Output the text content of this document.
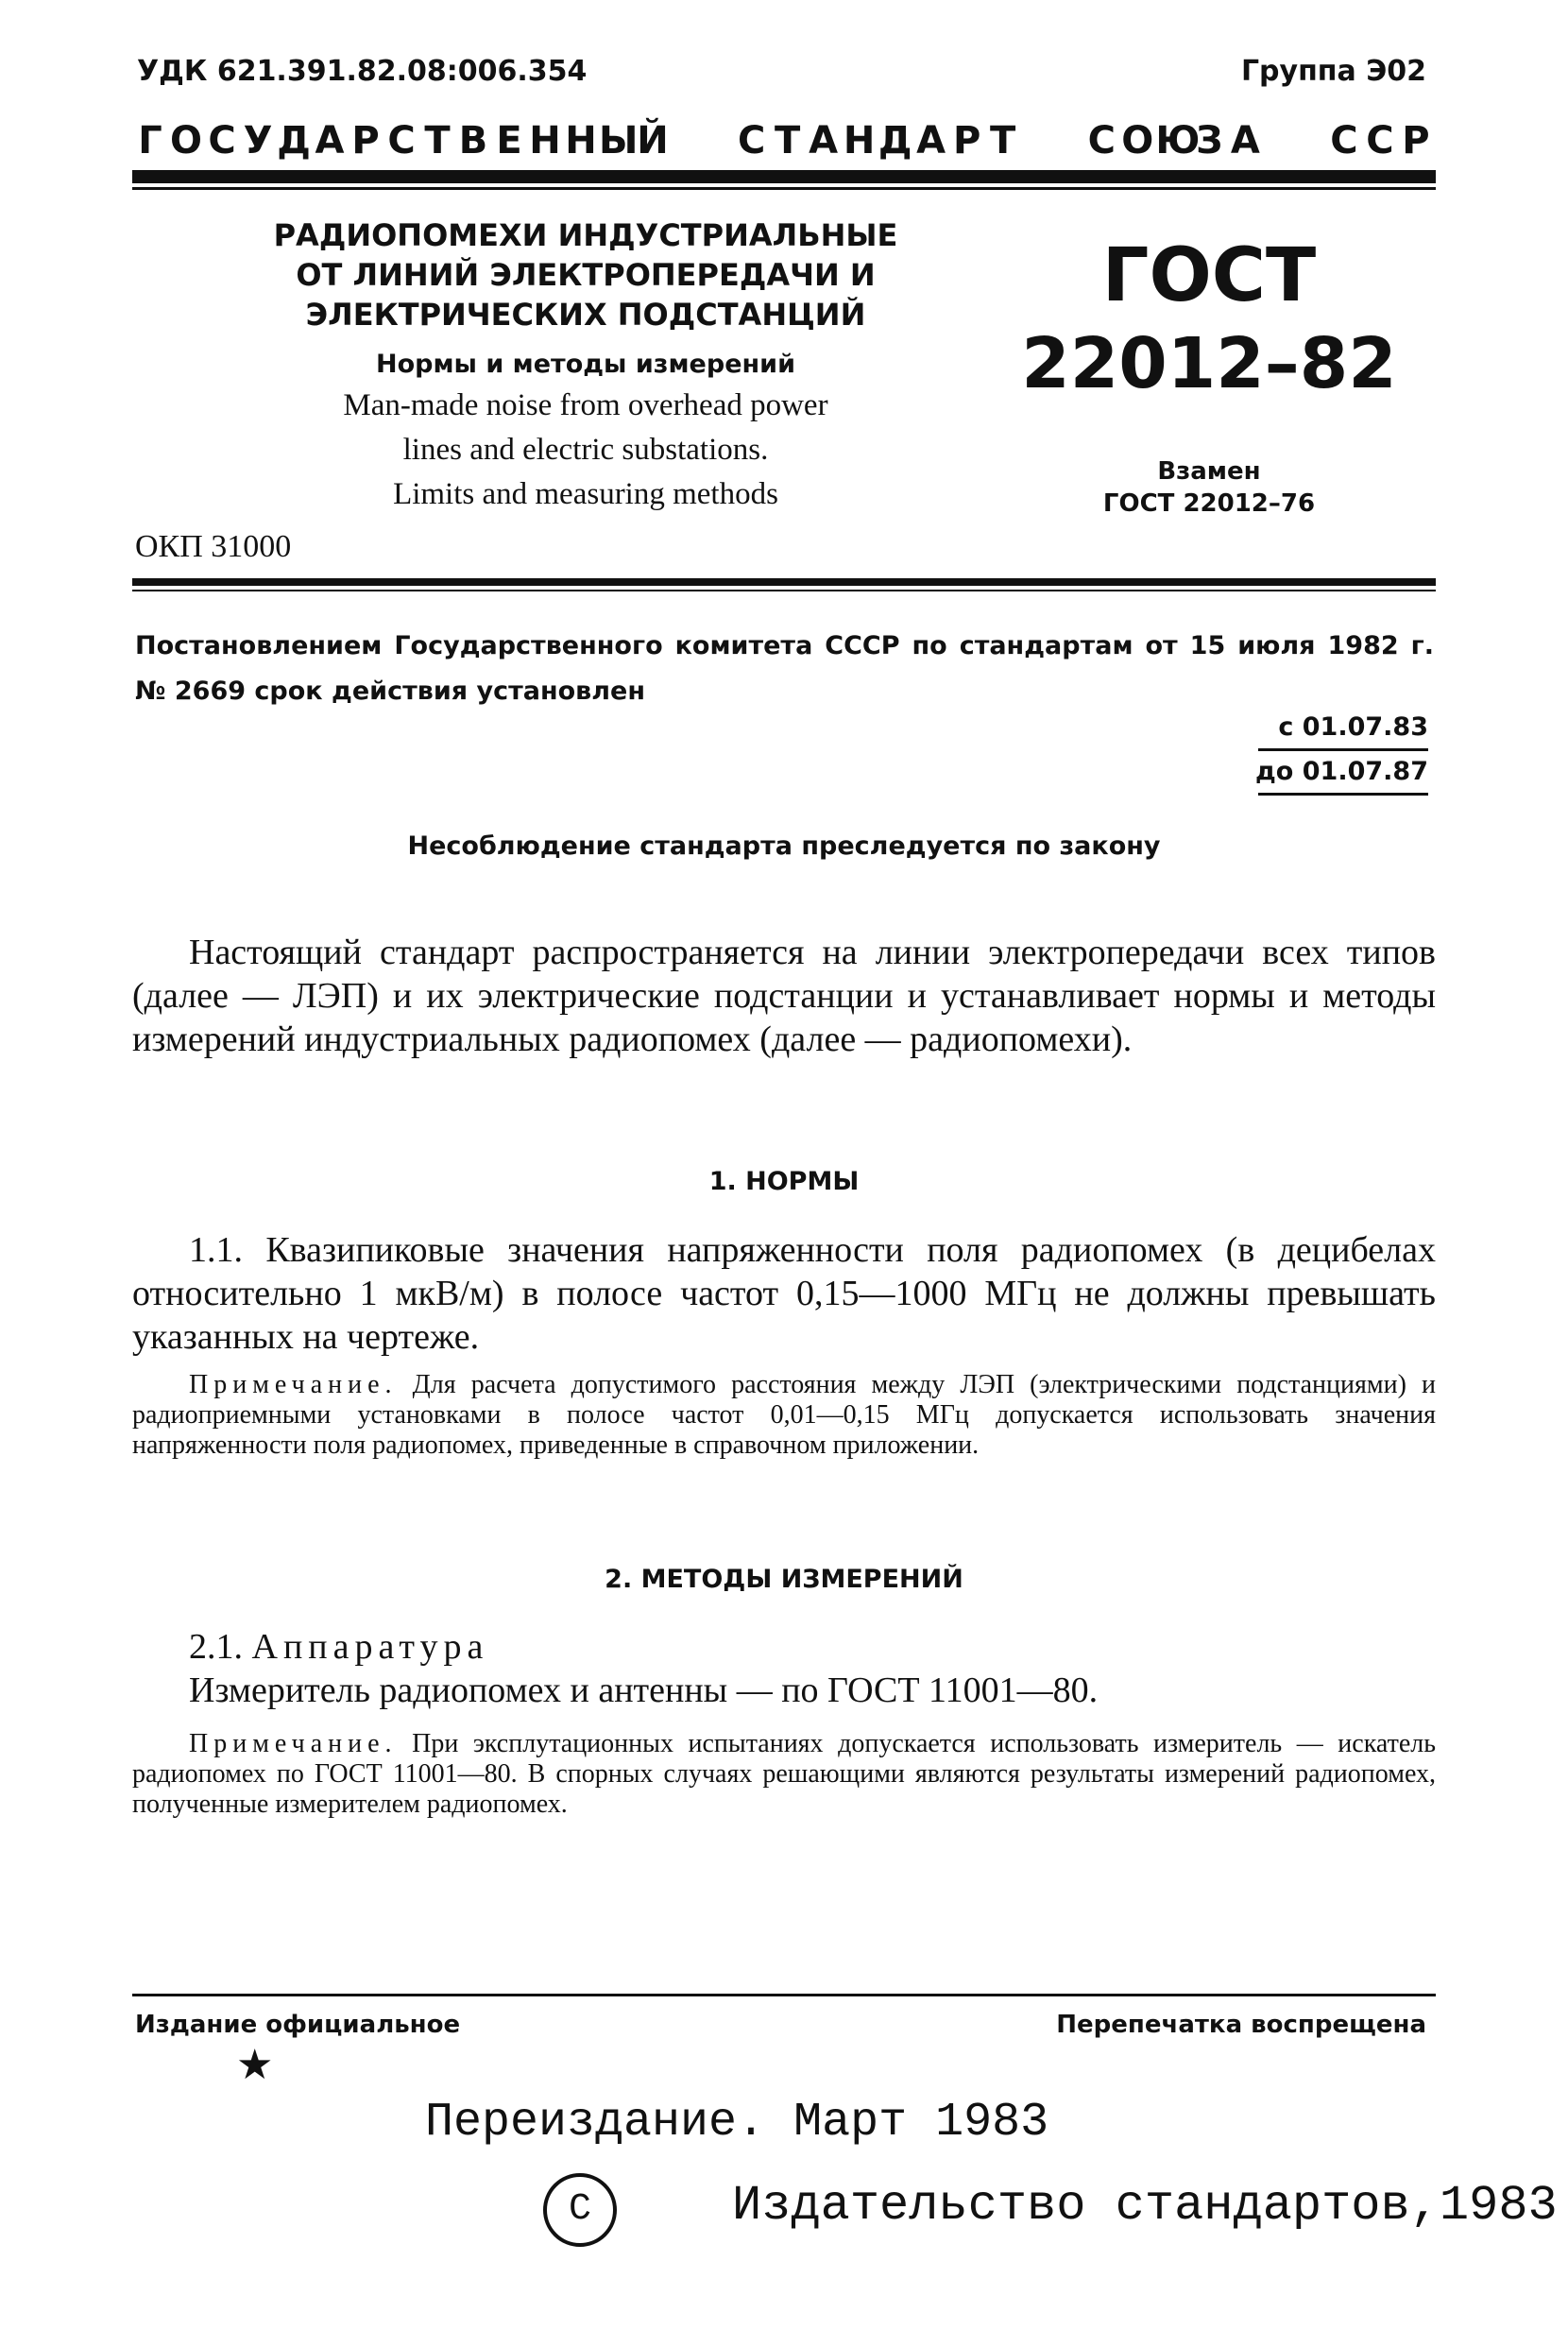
УДК 621.391.82.08:006.354	Группа Э02
Г О С У Д А Р С Т В Е Н Н Ы
Й С Т А Н Д А Р Т С О Ю
З А С С Р
РАДИОПОМЕХИ ИНДУСТРИАЛЬНЫЕ
ОТ ЛИНИЙ ЭЛЕКТРОПЕРЕДАЧИ И
ЭЛЕКТРИЧЕСКИХ ПОДСТАНЦИЙ
Нормы и методы измерений
Man-made noise from overhead power
lines and electric substations.
Limits and measuring methods
ГОСТ
22012–82
Взамен
ГОСТ 22012–76
ОКП 31000
Постановлением Государственного комитета СССР по стандартам от 15 июля 1982 г. № 2669 срок действия установлен
с 01.07.83
до 01.07.87
Несоблюдение стандарта преследуется по закону
Настоящий стандарт распространяется на линии электропередачи всех типов (далее — ЛЭП) и их электрические подстанции и устанавливает нормы и методы измерений индустриальных радиопомех (далее — радиопомехи).
1. НОРМЫ
1.1. Квазипиковые значения напряженности поля радиопомех (в децибелах относительно 1 мкВ/м) в полосе частот 0,15—1000 МГц не должны превышать указанных на чертеже.
Примечание. Для расчета допустимого расстояния между ЛЭП (электрическими подстанциями) и радиоприемными установками в полосе частот 0,01—0,15 МГц допускается использовать значения напряженности поля радиопомех, приведенные в справочном приложении.
2. МЕТОДЫ ИЗМЕРЕНИЙ
2.1. Аппаратура
Измеритель радиопомех и антенны — по ГОСТ 11001—80.
Примечание. При эксплутационных испытаниях допускается использовать измеритель — искатель радиопомех по ГОСТ 11001—80. В спорных случаях решающими являются результаты измерений радиопомех, полученные измерителем радиопомех.
Издание официальное	Перепечатка воспрещена
★
Переиздание. Март 1983
С	Издательство стандартов,1983
